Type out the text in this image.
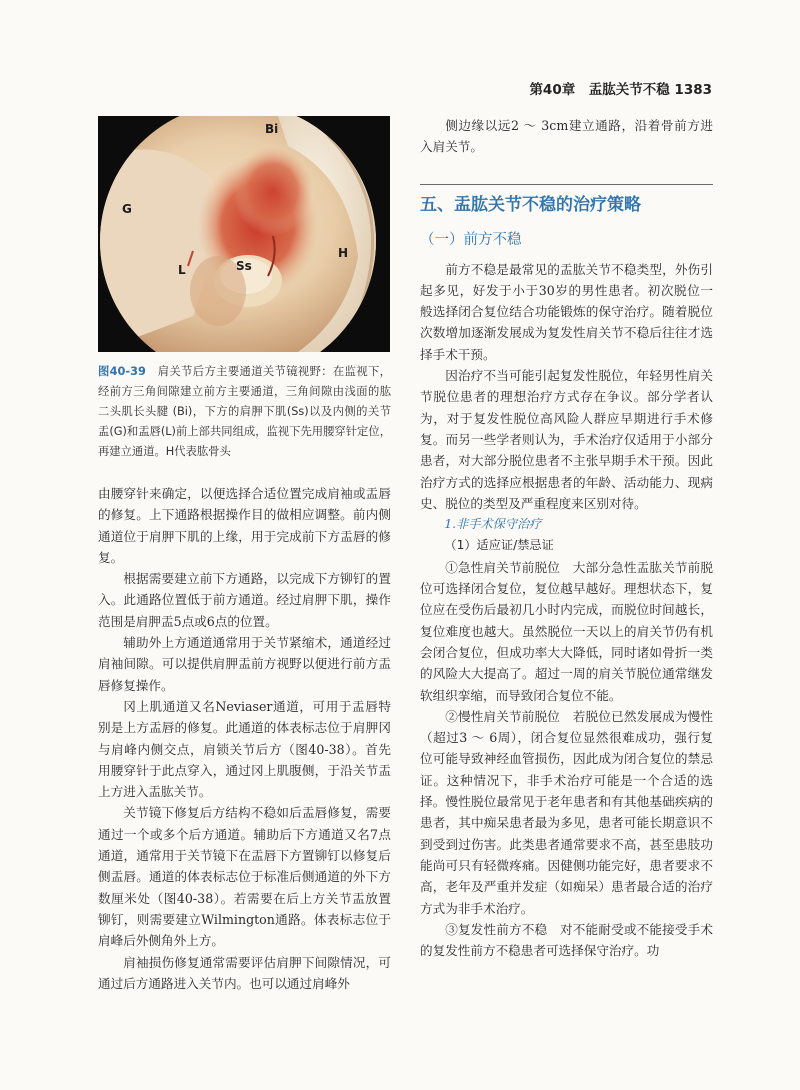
第40章　盂肱关节不稳 1383
Bi
G
H
L	Ss
图40-39 肩关节后方主要通道关节镜视野：在监视下，经前方三角间隙建立前方主要通道，三角间隙由浅面的肱二头肌长头腱 (Bi)，下方的肩胛下肌(Ss)以及内侧的关节盂(G)和盂唇(L)前上部共同组成，监视下先用腰穿针定位，再建立通道。H代表肱骨头

由腰穿针来确定，以便选择合适位置完成肩袖或盂唇的修复。上下通路根据操作目的做相应调整。前内侧通道位于肩胛下肌的上缘，用于完成前下方盂唇的修复。

根据需要建立前下方通路，以完成下方铆钉的置入。此通路位置低于前方通道。经过肩胛下肌，操作范围是肩胛盂5点或6点的位置。

辅助外上方通道通常用于关节紧缩术，通道经过肩袖间隙。可以提供肩胛盂前方视野以便进行前方盂唇修复操作。

冈上肌通道又名Neviaser通道，可用于盂唇特别是上方盂唇的修复。此通道的体表标志位于肩胛冈与肩峰内侧交点，肩锁关节后方（图40-38）。首先用腰穿针于此点穿入，通过冈上肌腹侧，于沿关节盂上方进入盂肱关节。

关节镜下修复后方结构不稳如后盂唇修复，需要通过一个或多个后方通道。辅助后下方通道又名7点通道，通常用于关节镜下在盂唇下方置铆钉以修复后侧盂唇。通道的体表标志位于标准后侧通道的外下方数厘米处（图40-38）。若需要在后上方关节盂放置铆钉，则需要建立Wilmington通路。体表标志位于肩峰后外侧角外上方。

肩袖损伤修复通常需要评估肩胛下间隙情况，可通过后方通路进入关节内。也可以通过肩峰外

侧边缘以远2 ～ 3cm建立通路，沿着骨前方进入肩关节。

五、盂肱关节不稳的治疗策略
（一）前方不稳

前方不稳是最常见的盂肱关节不稳类型，外伤引起多见，好发于小于30岁的男性患者。初次脱位一般选择闭合复位结合功能锻炼的保守治疗。随着脱位次数增加逐渐发展成为复发性肩关节不稳后往往才选择手术干预。

因治疗不当可能引起复发性脱位，年轻男性肩关节脱位患者的理想治疗方式存在争议。部分学者认为，对于复发性脱位高风险人群应早期进行手术修复。而另一些学者则认为，手术治疗仅适用于小部分患者，对大部分脱位患者不主张早期手术干预。因此治疗方式的选择应根据患者的年龄、活动能力、现病史、脱位的类型及严重程度来区别对待。

1.非手术保守治疗

（1）适应证/禁忌证

①急性肩关节前脱位　大部分急性盂肱关节前脱位可选择闭合复位，复位越早越好。理想状态下，复位应在受伤后最初几小时内完成，而脱位时间越长，复位难度也越大。虽然脱位一天以上的肩关节仍有机会闭合复位，但成功率大大降低，同时诸如骨折一类的风险大大提高了。超过一周的肩关节脱位通常继发软组织挛缩，而导致闭合复位不能。

②慢性肩关节前脱位　若脱位已然发展成为慢性（超过3 ～ 6周），闭合复位显然很难成功，强行复位可能导致神经血管损伤，因此成为闭合复位的禁忌证。这种情况下，非手术治疗可能是一个合适的选择。慢性脱位最常见于老年患者和有其他基础疾病的患者，其中痴呆患者最为多见，患者可能长期意识不到受到过伤害。此类患者通常要求不高，甚至患肢功能尚可只有轻微疼痛。因健侧功能完好，患者要求不高，老年及严重并发症（如痴呆）患者最合适的治疗方式为非手术治疗。

③复发性前方不稳　对不能耐受或不能接受手术的复发性前方不稳患者可选择保守治疗。功
